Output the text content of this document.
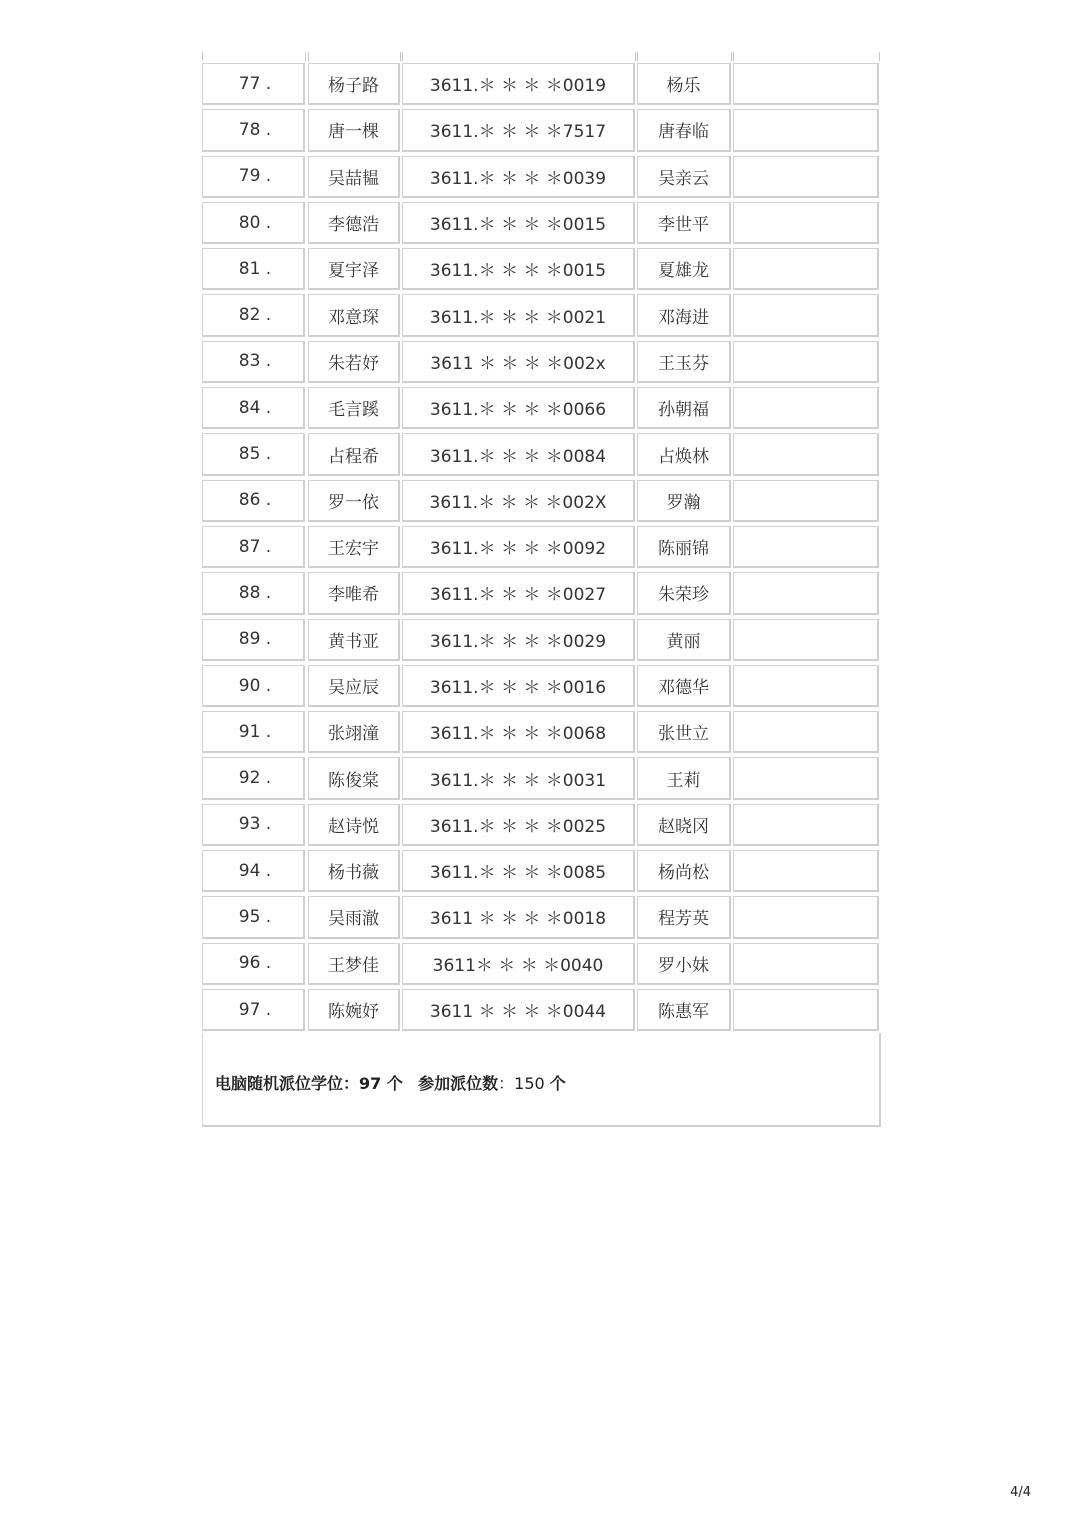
77 .	杨子路	3611.＊ ＊ ＊ ＊0019	杨乐
78 .	唐一棵	3611.＊ ＊ ＊ ＊7517	唐春临
79 .	吴喆韫	3611.＊ ＊ ＊ ＊0039	吴亲云
80 .	李德浩	3611.＊ ＊ ＊ ＊0015	李世平
81 .	夏宇泽	3611.＊ ＊ ＊ ＊0015	夏雄龙
82 .	邓意琛	3611.＊ ＊ ＊ ＊0021	邓海进
83 .	朱若妤	3611 ＊ ＊ ＊ ＊002x	王玉芬
84 .	毛言蹊	3611.＊ ＊ ＊ ＊0066	孙朝福
85 .	占程希	3611.＊ ＊ ＊ ＊0084	占焕林
86 .	罗一依	3611.＊ ＊ ＊ ＊002X	罗瀚
87 .	王宏宇	3611.＊ ＊ ＊ ＊0092	陈丽锦
88 .	李唯希	3611.＊ ＊ ＊ ＊0027	朱荣珍
89 .	黄书亚	3611.＊ ＊ ＊ ＊0029	黄丽
90 .	吴应辰	3611.＊ ＊ ＊ ＊0016	邓德华
91 .	张翊潼	3611.＊ ＊ ＊ ＊0068	张世立
92 .	陈俊棠	3611.＊ ＊ ＊ ＊0031	王莉
93 .	赵诗悦	3611.＊ ＊ ＊ ＊0025	赵晓冈
94 .	杨书薇	3611.＊ ＊ ＊ ＊0085	杨尚松
95 .	吴雨澈	3611 ＊ ＊ ＊ ＊0018	程芳英
96 .	王梦佳	3611＊ ＊ ＊ ＊0040	罗小妹
97 .	陈婉妤	3611 ＊ ＊ ＊ ＊0044	陈惠军
电脑随机派位学位：97 个 参加派位数：150 个
4/4
